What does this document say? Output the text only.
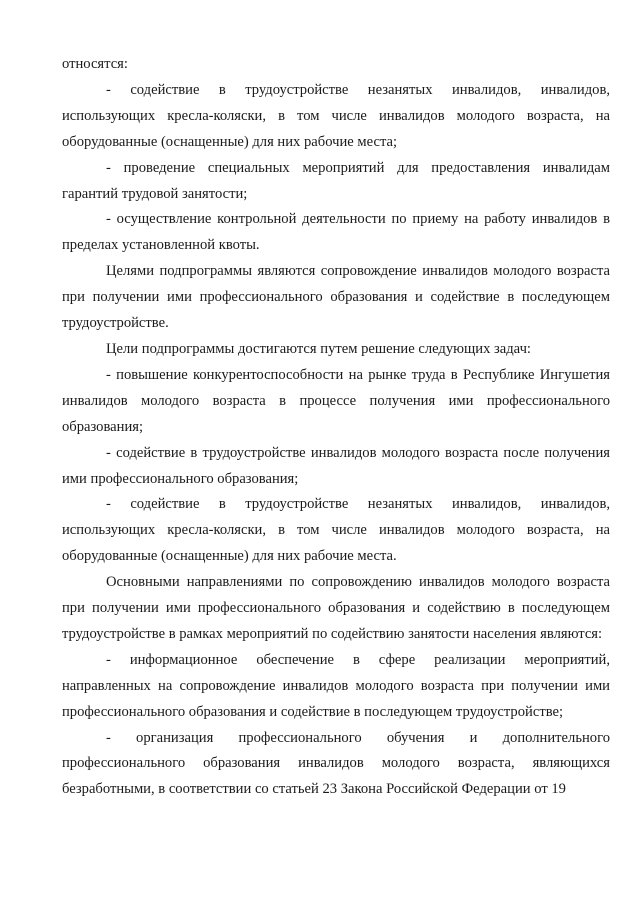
относятся:

- содействие в трудоустройстве незанятых инвалидов, инвалидов, использующих кресла-коляски, в том числе инвалидов молодого возраста, на оборудованные (оснащенные) для них рабочие места;

- проведение специальных мероприятий для предоставления инвалидам гарантий трудовой занятости;

- осуществление контрольной деятельности по приему на работу инвалидов в пределах установленной квоты.

Целями подпрограммы являются сопровождение инвалидов молодого возраста при получении ими профессионального образования и содействие в последующем трудоустройстве.

Цели подпрограммы достигаются путем решение следующих задач:

- повышение конкурентоспособности на рынке труда в Республике Ингушетия инвалидов молодого возраста в процессе получения ими профессионального образования;

- содействие в трудоустройстве инвалидов молодого возраста после получения ими профессионального образования;

- содействие в трудоустройстве незанятых инвалидов, инвалидов, использующих кресла-коляски, в том числе инвалидов молодого возраста, на оборудованные (оснащенные) для них рабочие места.

Основными направлениями по сопровождению инвалидов молодого возраста при получении ими профессионального образования и содействию в последующем трудоустройстве в рамках мероприятий по содействию занятости населения являются:

- информационное обеспечение в сфере реализации мероприятий, направленных на сопровождение инвалидов молодого возраста при получении ими профессионального образования и содействие в последующем трудоустройстве;

- организация профессионального обучения и дополнительного профессионального образования инвалидов молодого возраста, являющихся безработными, в соответствии со статьей 23 Закона Российской Федерации от 19
